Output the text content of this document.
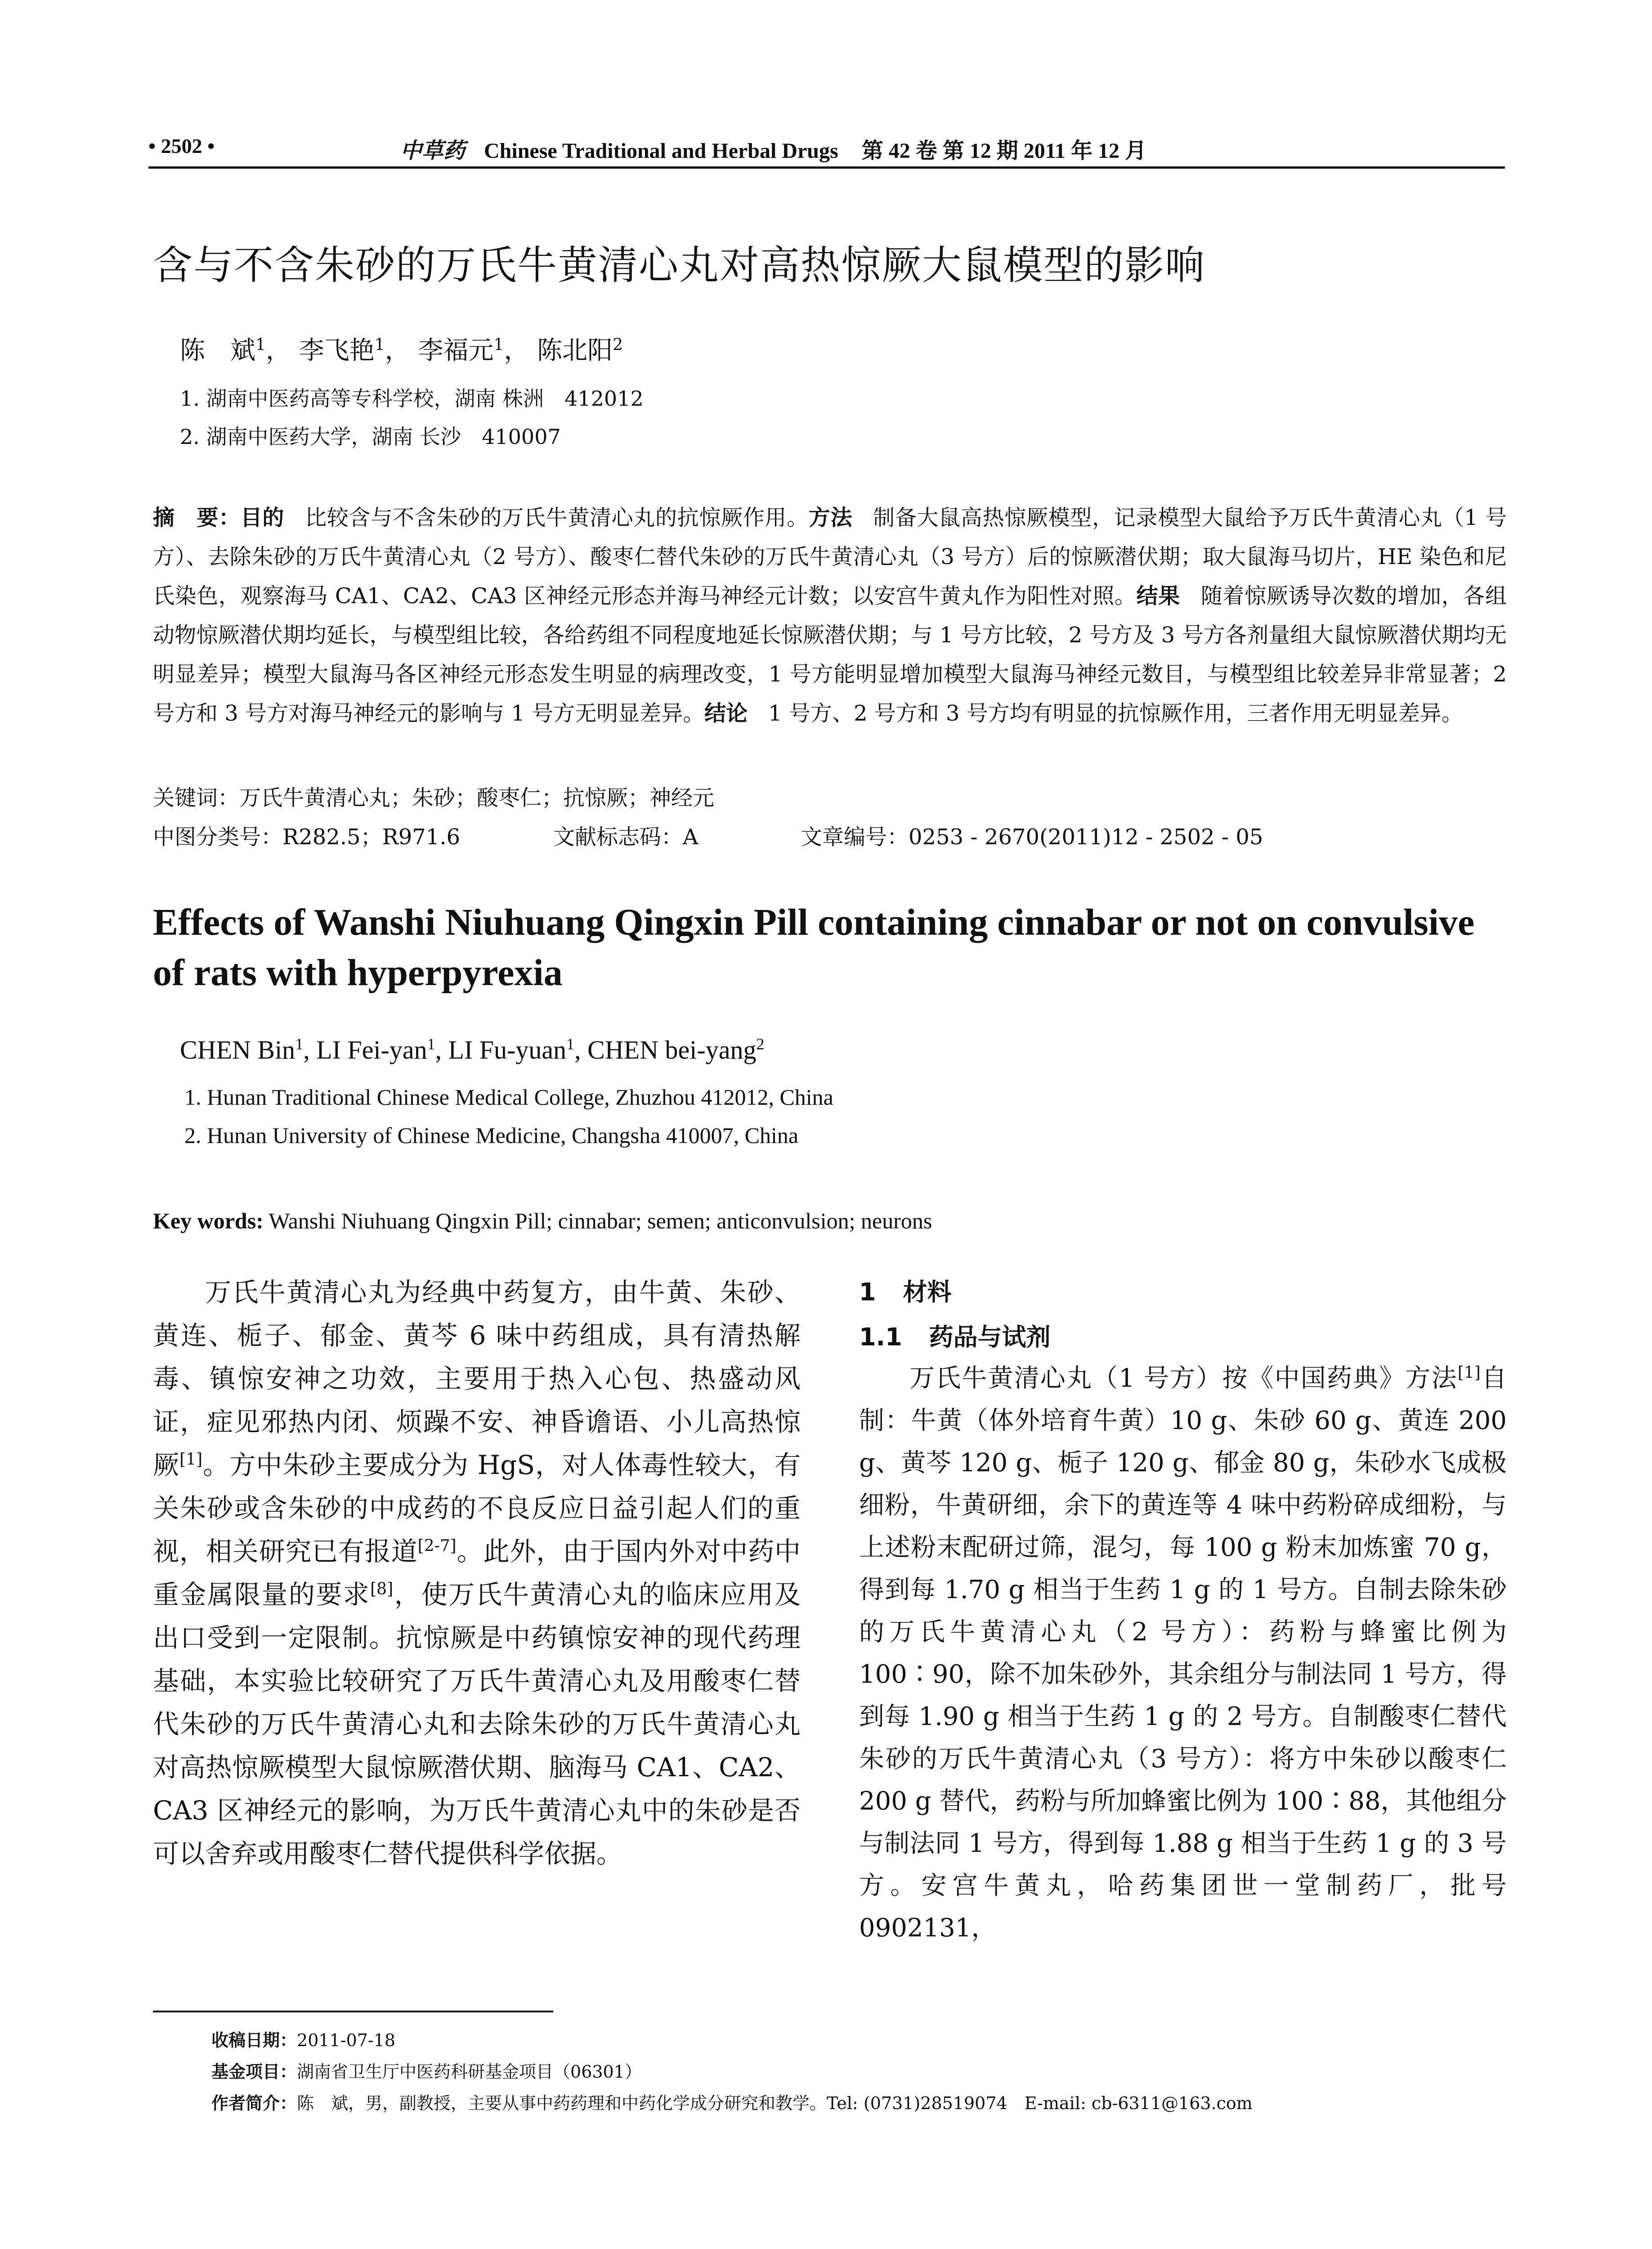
• 2502 •	中草药 Chinese Traditional and Herbal Drugs 第 42 卷 第 12 期 2011 年 12 月
含与不含朱砂的万氏牛黄清心丸对高热惊厥大鼠模型的影响
陈　斌$^1$， 李飞艳$^1$， 李福元$^1$， 陈北阳$^2$
1. 湖南中医药高等专科学校，湖南 株洲　412012
2. 湖南中医药大学，湖南 长沙　410007
摘　要：目的 比较含与不含朱砂的万氏牛黄清心丸的抗惊厥作用。方法 制备大鼠高热惊厥模型，记录模型大鼠给予万氏牛黄清心丸（1 号方）、去除朱砂的万氏牛黄清心丸（2 号方）、酸枣仁替代朱砂的万氏牛黄清心丸（3 号方）后的惊厥潜伏期；取大鼠海马切片，HE 染色和尼氏染色，观察海马 CA1、CA2、CA3 区神经元形态并海马神经元计数；以安宫牛黄丸作为阳性对照。结果 随着惊厥诱导次数的增加，各组动物惊厥潜伏期均延长，与模型组比较，各给药组不同程度地延长惊厥潜伏期；与 1 号方比较，2 号方及 3 号方各剂量组大鼠惊厥潜伏期均无明显差异；模型大鼠海马各区神经元形态发生明显的病理改变，1 号方能明显增加模型大鼠海马神经元数目，与模型组比较差异非常显著；2 号方和 3 号方对海马神经元的影响与 1 号方无明显差异。结论 1 号方、2 号方和 3 号方均有明显的抗惊厥作用，三者作用无明显差异。
关键词：万氏牛黄清心丸；朱砂；酸枣仁；抗惊厥；神经元
中图分类号：R282.5；R971.6	文献标志码：A	文章编号：0253 - 2670(2011)12 - 2502 - 05
Effects of Wanshi Niuhuang Qingxin Pill containing cinnabar or not on convulsive of rats with hyperpyrexia
CHEN Bin$^1$, LI Fei-yan$^1$, LI Fu-yuan$^1$, CHEN bei-yang$^2$
1. Hunan Traditional Chinese Medical College, Zhuzhou 412012, China
2. Hunan University of Chinese Medicine, Changsha 410007, China
Key words: Wanshi Niuhuang Qingxin Pill; cinnabar; semen; anticonvulsion; neurons

万氏牛黄清心丸为经典中药复方，由牛黄、朱砂、黄连、栀子、郁金、黄芩 6 味中药组成，具有清热解毒、镇惊安神之功效，主要用于热入心包、热盛动风证，症见邪热内闭、烦躁不安、神昏谵语、小儿高热惊厥[1]。方中朱砂主要成分为 HgS，对人体毒性较大，有关朱砂或含朱砂的中成药的不良反应日益引起人们的重视，相关研究已有报道[2-7]。此外，由于国内外对中药中重金属限量的要求[8]，使万氏牛黄清心丸的临床应用及出口受到一定限制。抗惊厥是中药镇惊安神的现代药理基础，本实验比较研究了万氏牛黄清心丸及用酸枣仁替代朱砂的万氏牛黄清心丸和去除朱砂的万氏牛黄清心丸对高热惊厥模型大鼠惊厥潜伏期、脑海马 CA1、CA2、CA3 区神经元的影响，为万氏牛黄清心丸中的朱砂是否可以舍弃或用酸枣仁替代提供科学依据。

1 材料
1.1 药品与试剂

万氏牛黄清心丸（1 号方）按《中国药典》方法[1]自制：牛黄（体外培育牛黄）10 g、朱砂 60 g、黄连 200 g、黄芩 120 g、栀子 120 g、郁金 80 g，朱砂水飞成极细粉，牛黄研细，余下的黄连等 4 味中药粉碎成细粉，与上述粉末配研过筛，混匀，每 100 g 粉末加炼蜜 70 g，得到每 1.70 g 相当于生药 1 g 的 1 号方。自制去除朱砂的万氏牛黄清心丸（2 号方）：药粉与蜂蜜比例为 100∶90，除不加朱砂外，其余组分与制法同 1 号方，得到每 1.90 g 相当于生药 1 g 的 2 号方。自制酸枣仁替代朱砂的万氏牛黄清心丸（3 号方）：将方中朱砂以酸枣仁 200 g 替代，药粉与所加蜂蜜比例为 100∶88，其他组分与制法同 1 号方，得到每 1.88 g 相当于生药 1 g 的 3 号方。安宫牛黄丸，哈药集团世一堂制药厂，批号 0902131，

收稿日期：2011-07-18
基金项目：湖南省卫生厅中医药科研基金项目（06301）
作者简介：陈　斌，男，副教授，主要从事中药药理和中药化学成分研究和教学。Tel: (0731)28519074　E-mail: cb-6311@163.com
